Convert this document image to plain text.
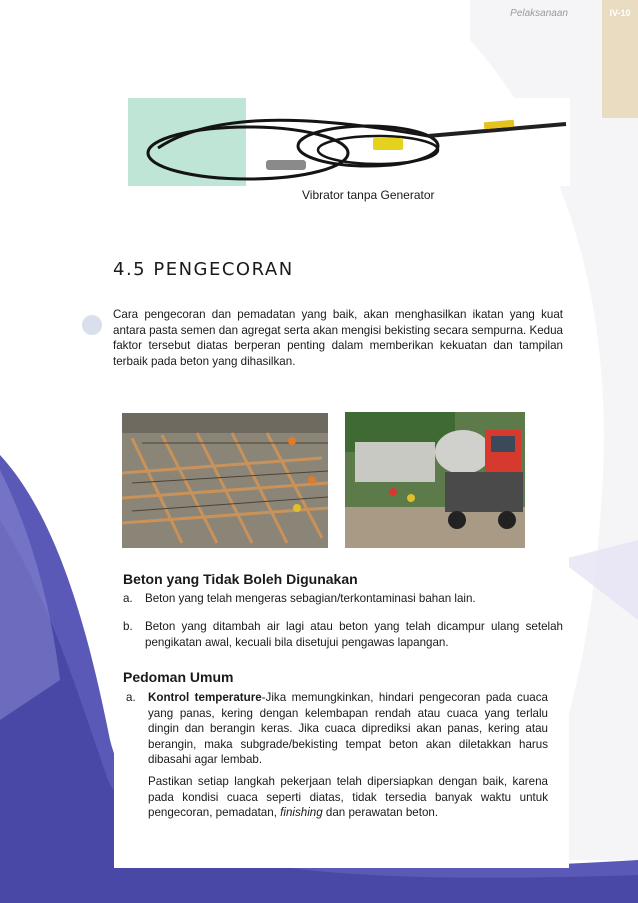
Pelaksanaan	IV-10
Vibrator tanpa Generator
4.5 PENGECORAN
Cara pengecoran dan pemadatan yang baik, akan menghasilkan ikatan yang kuat antara pasta semen dan agregat serta akan mengisi bekisting secara sempurna. Kedua faktor tersebut diatas berperan penting dalam memberikan kekuatan dan tampilan terbaik pada beton yang dihasilkan.
Beton yang Tidak Boleh Digunakan
a.	Beton yang telah mengeras sebagian/terkontaminasi bahan lain.
b.	Beton yang ditambah air lagi atau beton yang telah dicampur ulang setelah pengikatan awal, kecuali bila disetujui pengawas lapangan.
Pedoman Umum
a.	Kontrol temperature-Jika memungkinkan, hindari pengecoran pada cuaca yang panas, kering dengan kelembapan rendah atau cuaca yang terlalu dingin dan berangin keras. Jika cuaca diprediksi akan panas, kering atau berangin, maka subgrade/bekisting tempat beton akan diletakkan harus dibasahi agar lembab.
Pastikan setiap langkah pekerjaan telah dipersiapkan dengan baik, karena pada kondisi cuaca seperti diatas, tidak tersedia banyak waktu untuk pengecoran, pemadatan, finishing dan perawatan beton.
